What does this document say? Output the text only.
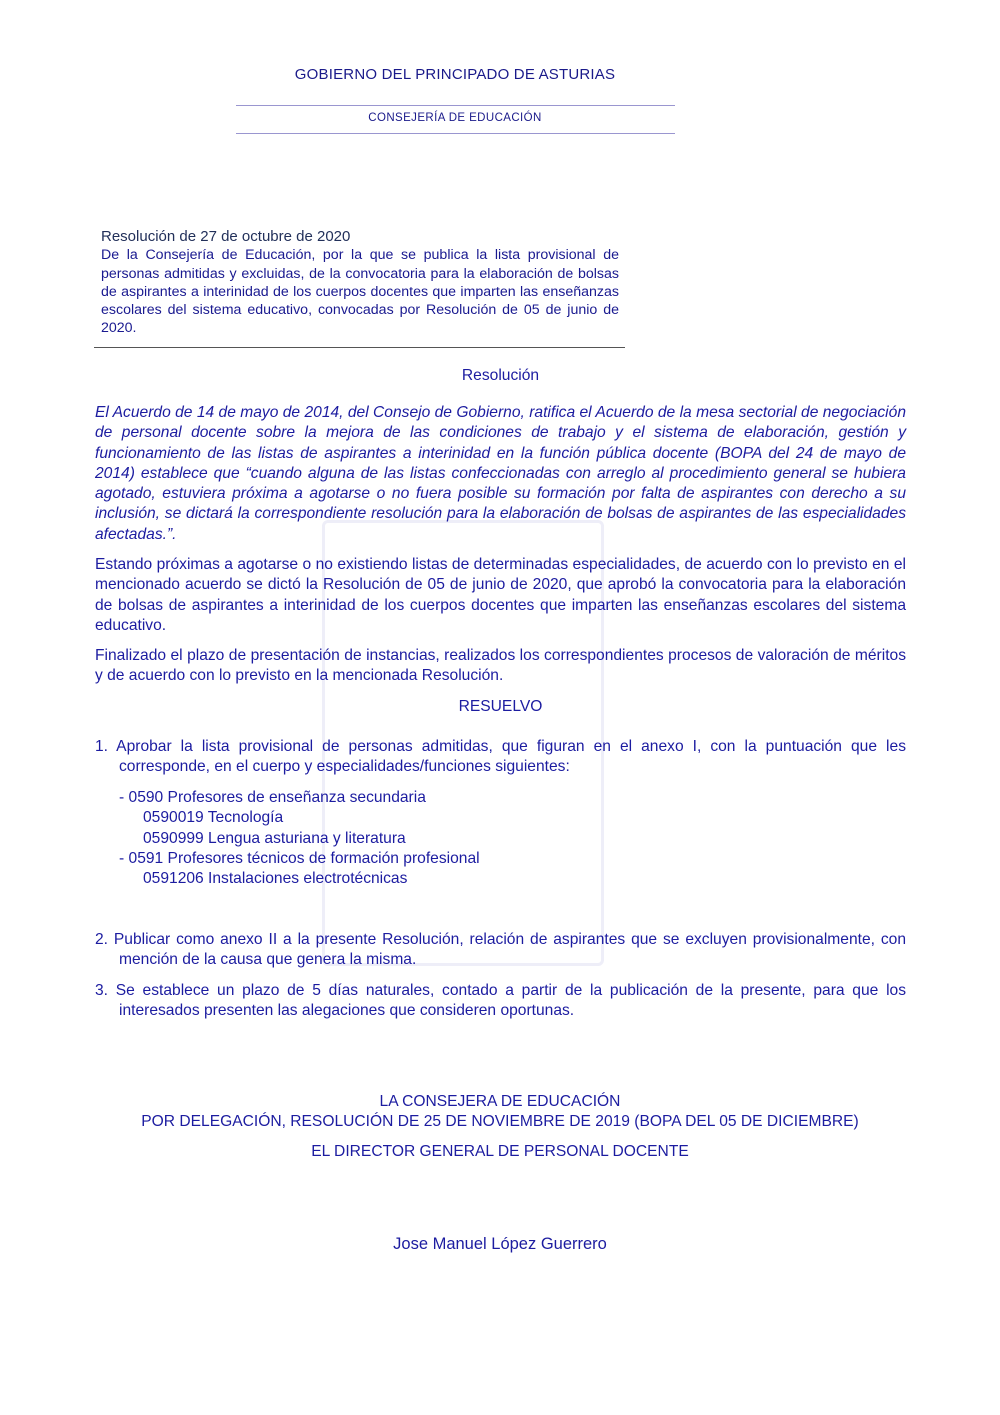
GOBIERNO DEL PRINCIPADO DE ASTURIAS
CONSEJERÍA DE EDUCACIÓN
Resolución de 27 de octubre de 2020
De la Consejería de Educación, por la que se publica la lista provisional de personas admitidas y excluidas, de la convocatoria para la elaboración de bolsas de aspirantes a interinidad de los cuerpos docentes que imparten las enseñanzas escolares del sistema educativo, convocadas por Resolución de 05 de junio de 2020.
Resolución
El Acuerdo de 14 de mayo de 2014, del Consejo de Gobierno, ratifica el Acuerdo de la mesa sectorial de negociación de personal docente sobre la mejora de las condiciones de trabajo y el sistema de elaboración, gestión y funcionamiento de las listas de aspirantes a interinidad en la función pública docente (BOPA del 24 de mayo de 2014) establece que “cuando alguna de las listas confeccionadas con arreglo al procedimiento general se hubiera agotado, estuviera próxima a agotarse o no fuera posible su formación por falta de aspirantes con derecho a su inclusión, se dictará la correspondiente resolución para la elaboración de bolsas de aspirantes de las especialidades afectadas.”.
Estando próximas a agotarse o no existiendo listas de determinadas especialidades, de acuerdo con lo previsto en el mencionado acuerdo se dictó la Resolución de 05 de junio de 2020, que aprobó la convocatoria para la elaboración de bolsas de aspirantes a interinidad de los cuerpos docentes que imparten las enseñanzas escolares del sistema educativo.
Finalizado el plazo de presentación de instancias, realizados los correspondientes procesos de valoración de méritos y de acuerdo con lo previsto en la mencionada Resolución.
RESUELVO
1. Aprobar la lista provisional de personas admitidas, que figuran en el anexo I, con la puntuación que les corresponde, en el cuerpo y especialidades/funciones siguientes:
- 0590 Profesores de enseñanza secundaria
0590019 Tecnología
0590999 Lengua asturiana y literatura
- 0591 Profesores técnicos de formación profesional
0591206 Instalaciones electrotécnicas
2. Publicar como anexo II a la presente Resolución, relación de aspirantes que se excluyen provisionalmente, con mención de la causa que genera la misma.
3. Se establece un plazo de 5 días naturales, contado a partir de la publicación de la presente, para que los interesados presenten las alegaciones que consideren oportunas.
LA CONSEJERA DE EDUCACIÓN
POR DELEGACIÓN, RESOLUCIÓN DE 25 DE NOVIEMBRE DE 2019 (BOPA DEL 05 DE DICIEMBRE)
EL DIRECTOR GENERAL DE PERSONAL DOCENTE
Jose Manuel López Guerrero
